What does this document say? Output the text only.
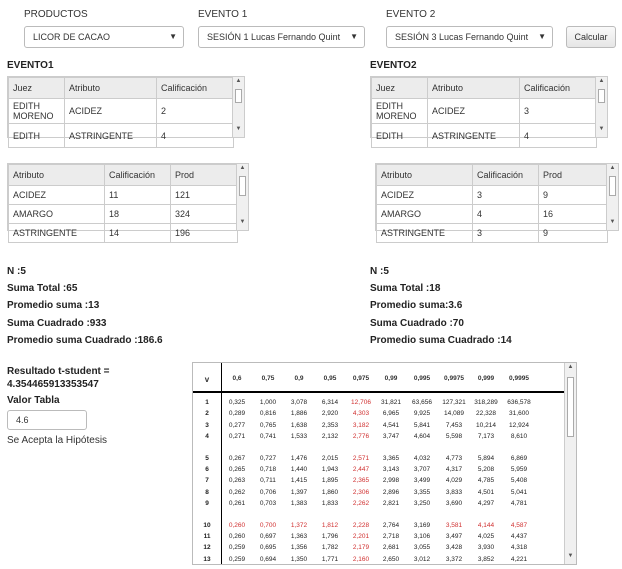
PRODUCTOS
LICOR DE CACAO	▼
EVENTO 1
SESIÓN 1 Lucas Fernando Quint ▼
EVENTO 2
SESIÓN 3 Lucas Fernando Quint ▼	Calcular
EVENTO1
Juez	Atributo	Calificación
EDITH MORENO	ACIDEZ	2
EDITH	ASTRINGENTE	4
▲
▼
EVENTO2
Juez	Atributo	Calificación
EDITH MORENO	ACIDEZ	3
EDITH	ASTRINGENTE	4
▲
▼
Atributo	Calificación	Prod
ACIDEZ	11	121
AMARGO	18	324
ASTRINGENTE	14	196
▲
▼
Atributo	Calificación	Prod
ACIDEZ	3	9
AMARGO	4	16
ASTRINGENTE	3	9
▲
▼
N :5
Suma Total :65
Promedio suma :13
Suma Cuadrado :933
Promedio suma Cuadrado :186.6
N :5
Suma Total :18
Promedio suma:3.6
Suma Cuadrado :70
Promedio suma Cuadrado :14
Resultado t-student =
4.354465913353547
Valor Tabla
4.6
Se Acepta la Hipótesis
v	0,6	0,75	0,9	0,95	0,975	0,99	0,995	0,9975	0,999	0,9995
1	0,325	1,000	3,078	6,314	12,706	31,821	63,656	127,321	318,289	636,578
2	0,289	0,816	1,886	2,920	4,303	6,965	9,925	14,089	22,328	31,600
3	0,277	0,765	1,638	2,353	3,182	4,541	5,841	7,453	10,214	12,924
4	0,271	0,741	1,533	2,132	2,776	3,747	4,604	5,598	7,173	8,610
5	0,267	0,727	1,476	2,015	2,571	3,365	4,032	4,773	5,894	6,869
6	0,265	0,718	1,440	1,943	2,447	3,143	3,707	4,317	5,208	5,959
7	0,263	0,711	1,415	1,895	2,365	2,998	3,499	4,029	4,785	5,408
8	0,262	0,706	1,397	1,860	2,306	2,896	3,355	3,833	4,501	5,041
9	0,261	0,703	1,383	1,833	2,262	2,821	3,250	3,690	4,297	4,781
10	0,260	0,700	1,372	1,812	2,228	2,764	3,169	3,581	4,144	4,587
11	0,260	0,697	1,363	1,796	2,201	2,718	3,106	3,497	4,025	4,437
12	0,259	0,695	1,356	1,782	2,179	2,681	3,055	3,428	3,930	4,318
13	0,259	0,694	1,350	1,771	2,160	2,650	3,012	3,372	3,852	4,221
▲
▼
